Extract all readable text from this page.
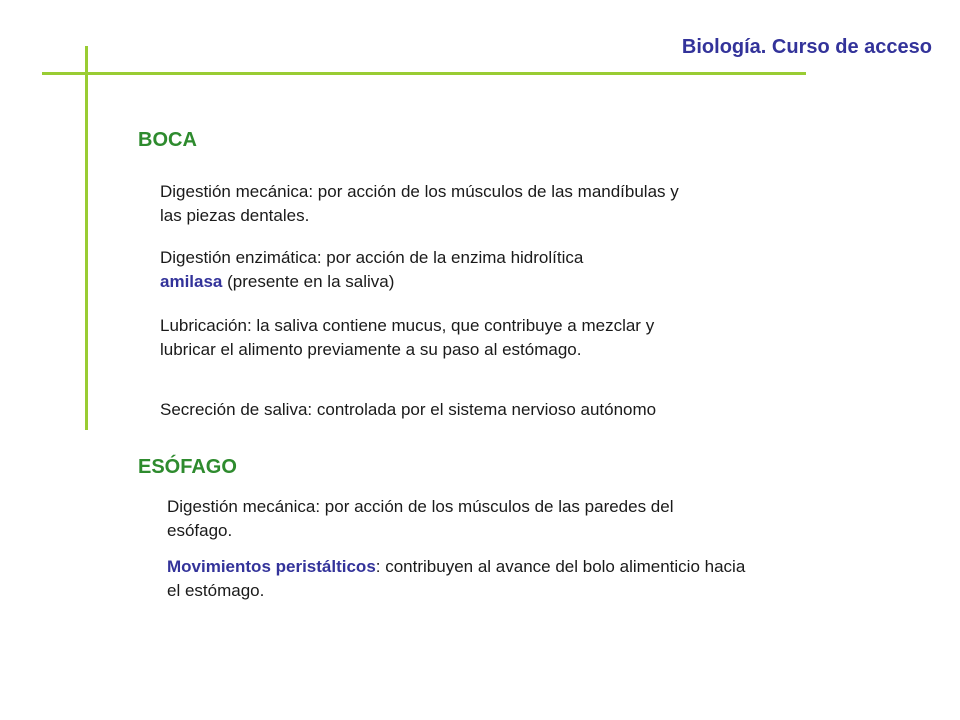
Biología. Curso de acceso
BOCA
Digestión mecánica: por acción de los músculos de las mandíbulas y las piezas dentales.
Digestión enzimática: por acción de la enzima hidrolítica
amilasa (presente en la saliva)
Lubricación: la saliva contiene mucus, que contribuye a mezclar y lubricar el alimento previamente a su paso al estómago.
Secreción de saliva: controlada por el sistema nervioso autónomo
ESÓFAGO
Digestión mecánica: por acción de los músculos de las paredes del esófago.
Movimientos peristálticos: contribuyen al avance del bolo alimenticio hacia el estómago.
